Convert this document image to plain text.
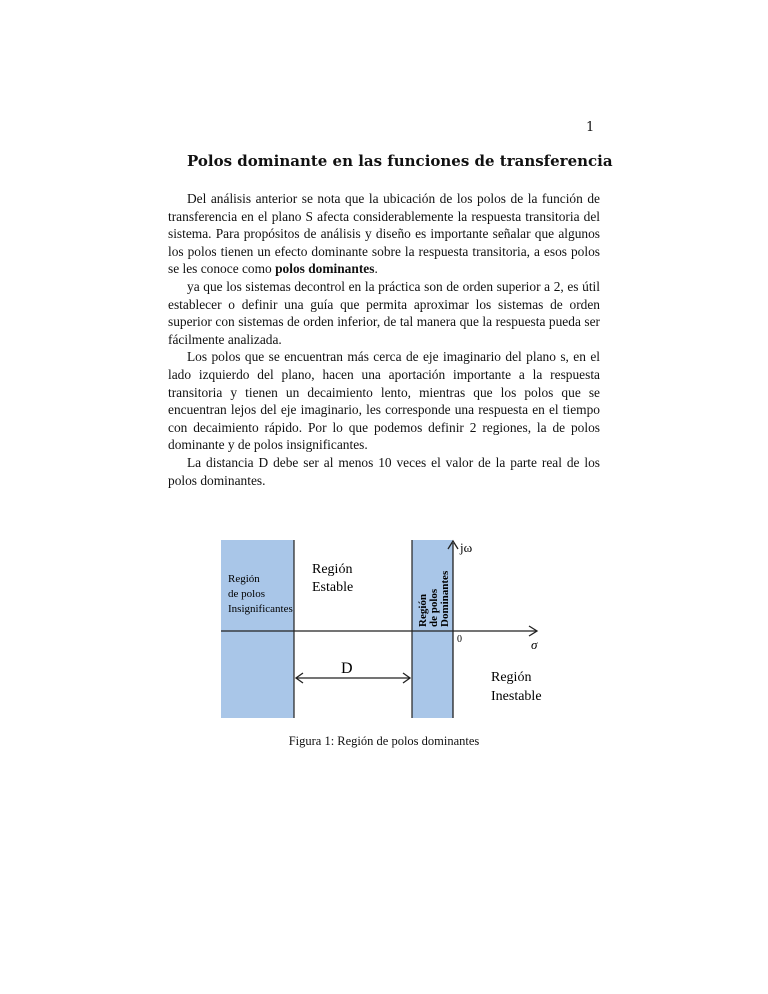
1
Polos dominante en las funciones de transferencia

Del análisis anterior se nota que la ubicación de los polos de la función de transferencia en el plano S afecta considerablemente la respuesta transitoria del sistema. Para propósitos de análisis y diseño es importante señalar que algunos los polos tienen un efecto dominante sobre la respuesta transitoria, a esos polos se les conoce como polos dominantes.

ya que los sistemas decontrol en la práctica son de orden superior a 2, es útil establecer o definir una guía que permita aproximar los sistemas de orden superior con sistemas de orden inferior, de tal manera que la respuesta pueda ser fácilmente analizada.

Los polos que se encuentran más cerca de eje imaginario del plano s, en el lado izquierdo del plano, hacen una aportación importante a la respuesta transitoria y tienen un decaimiento lento, mientras que los polos que se encuentran lejos del eje imaginario, les corresponde una respuesta en el tiempo con decaimiento rápido. Por lo que podemos definir 2 regiones, la de polos dominante y de polos insignificantes.

La distancia D debe ser al menos 10 veces el valor de la parte real de los polos dominantes.

Región
de polos
Insignificantes
Región
Estable
Región de polos Dominantes
jω
0	σ
D
Región
Inestable
Figura 1: Región de polos dominantes
